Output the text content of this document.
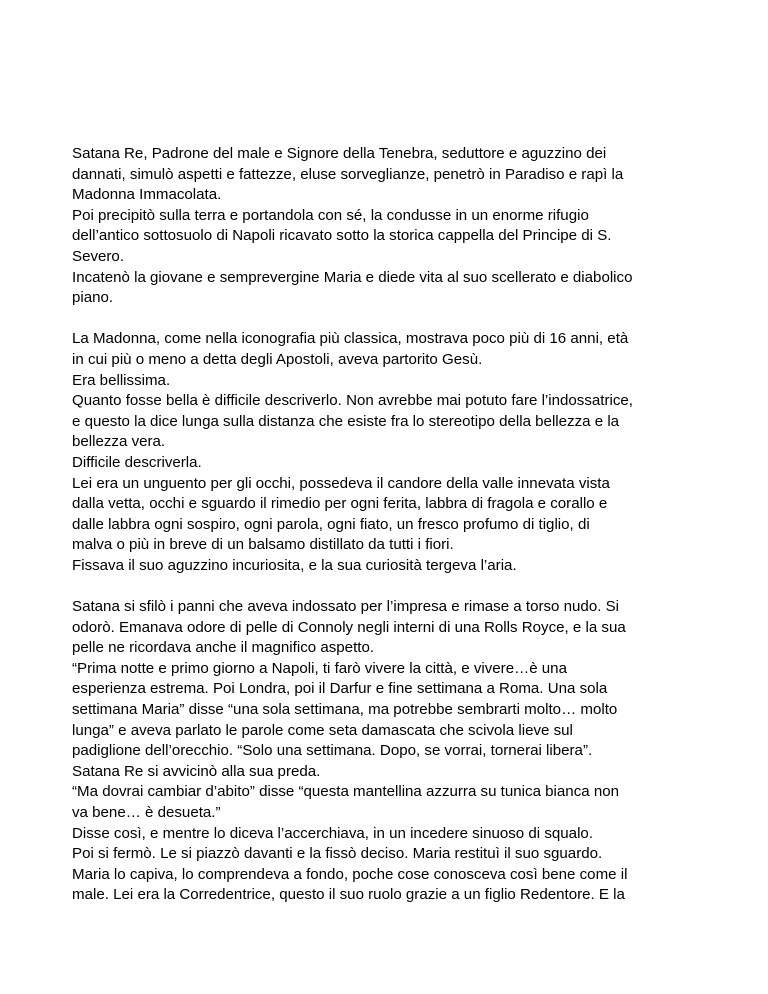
Satana Re, Padrone del male e Signore della Tenebra, seduttore e aguzzino dei
dannati, simulò aspetti e fattezze, eluse sorveglianze, penetrò in Paradiso e rapì la
Madonna Immacolata.
Poi precipitò sulla terra e portandola con sé, la condusse in un enorme rifugio
dell’antico sottosuolo di Napoli ricavato sotto la storica cappella del Principe di S.
Severo.
Incatenò la giovane e semprevergine Maria e diede vita al suo scellerato e diabolico
piano.

La Madonna, come nella iconografia più classica, mostrava poco più di 16 anni, età
in cui più o meno a detta degli Apostoli, aveva partorito Gesù.
Era bellissima.
Quanto fosse bella è difficile descriverlo. Non avrebbe mai potuto fare l’indossatrice,
e questo la dice lunga sulla distanza che esiste fra lo stereotipo della bellezza e la
bellezza vera.
Difficile descriverla.
Lei era un unguento per gli occhi, possedeva il candore della valle innevata vista
dalla vetta, occhi e sguardo il rimedio per ogni ferita, labbra di fragola e corallo e
dalle labbra ogni sospiro, ogni parola, ogni fiato, un fresco profumo di tiglio, di
malva o più in breve di un balsamo distillato da tutti i fiori.
Fissava il suo aguzzino incuriosita, e la sua curiosità tergeva l’aria.

Satana si sfilò i panni che aveva indossato per l’impresa e rimase a torso nudo. Si
odorò. Emanava odore di pelle di Connoly negli interni di una Rolls Royce, e la sua
pelle ne ricordava anche il magnifico aspetto.
“Prima notte e primo giorno a Napoli, ti farò vivere la città, e vivere…è una
esperienza estrema. Poi Londra, poi il Darfur e fine settimana a Roma. Una sola
settimana Maria” disse “una sola settimana, ma potrebbe sembrarti molto… molto
lunga” e aveva parlato le parole come seta damascata che scivola lieve sul
padiglione dell’orecchio. “Solo una settimana. Dopo, se vorrai, tornerai libera”.
Satana Re si avvicinò alla sua preda.
“Ma dovrai cambiar d’abito” disse “questa mantellina azzurra su tunica bianca non
va bene… è desueta.”
Disse così, e mentre lo diceva l’accerchiava, in un incedere sinuoso di squalo.
Poi si fermò. Le si piazzò davanti e la fissò deciso. Maria restituì il suo sguardo.
Maria lo capiva, lo comprendeva a fondo, poche cose conosceva così bene come il
male. Lei era la Corredentrice, questo il suo ruolo grazie a un figlio Redentore. E la
